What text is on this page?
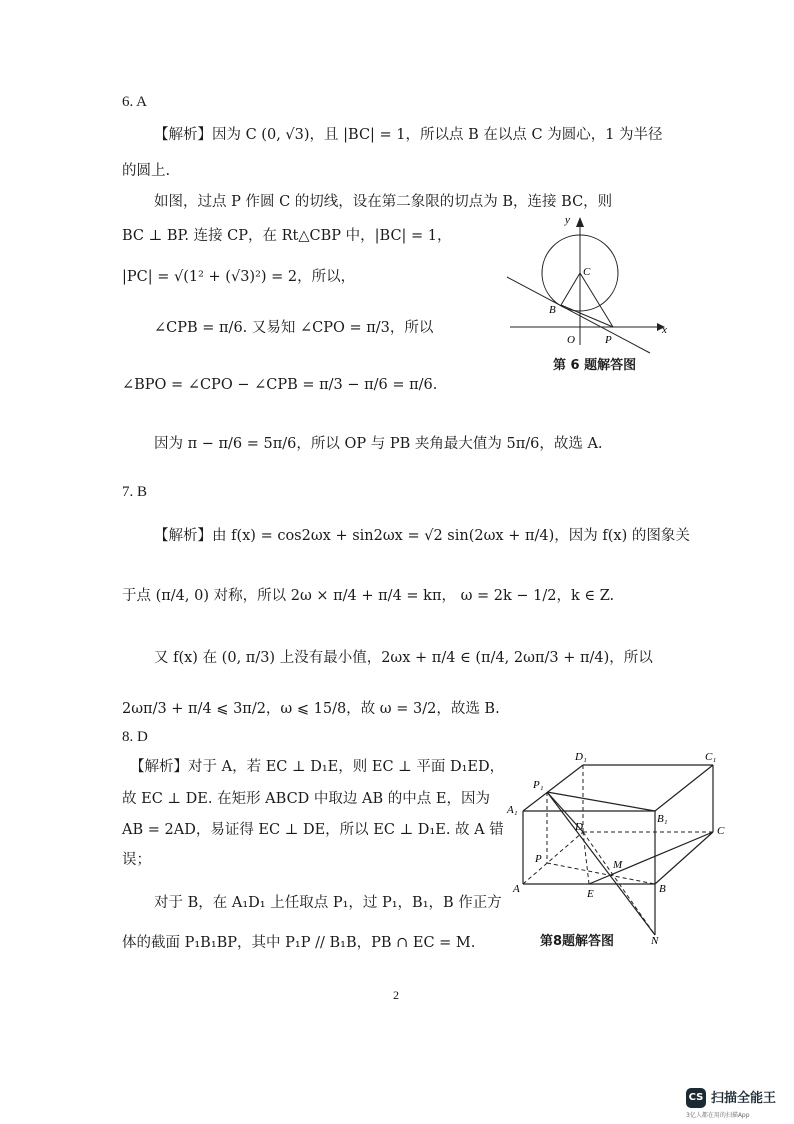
6. A
【解析】因为 C (0, √3)，且 |BC| = 1，所以点 B 在以点 C 为圆心，1 为半径
的圆上.
如图，过点 P 作圆 C 的切线，设在第二象限的切点为 B，连接 BC，则
BC ⊥ BP. 连接 CP，在 Rt△CBP 中，|BC| = 1，
|PC| = √(1² + (√3)²) = 2，所以，
∠CPB = π/6. 又易知 ∠CPO = π/3，所以
∠BPO = ∠CPO − ∠CPB = π/3 − π/6 = π/6.
因为 π − π/6 = 5π/6，所以 OP 与 PB 夹角最大值为 5π/6，故选 A.
y
x
C
B
O	P
第 6 题解答图
7. B
【解析】由 f(x) = cos2ωx + sin2ωx = √2 sin(2ωx + π/4)，因为 f(x) 的图象关
于点 (π/4, 0) 对称，所以 2ω × π/4 + π/4 = kπ， ω = 2k − 1/2，k ∈ Z.
又 f(x) 在 (0, π/3) 上没有最小值，2ωx + π/4 ∈ (π/4, 2ωπ/3 + π/4)，所以
2ωπ/3 + π/4 ⩽ 3π/2，ω ⩽ 15/8，故 ω = 3/2，故选 B.
8. D
【解析】对于 A，若 EC ⊥ D₁E，则 EC ⊥ 平面 D₁ED，
故 EC ⊥ DE. 在矩形 ABCD 中取边 AB 的中点 E，因为
AB = 2AD，易证得 EC ⊥ DE，所以 EC ⊥ D₁E. 故 A 错
误；
对于 B，在 A₁D₁ 上任取点 P₁，过 P₁，B₁，B 作正方
体的截面 P₁B₁BP，其中 P₁P // B₁B，PB ∩ EC = M.
D₁	C₁
P₁
A₁
B₁
D	C
P	M
A	E	B
N
第8题解答图
2
CS 扫描全能王
3亿人都在用的扫描App
